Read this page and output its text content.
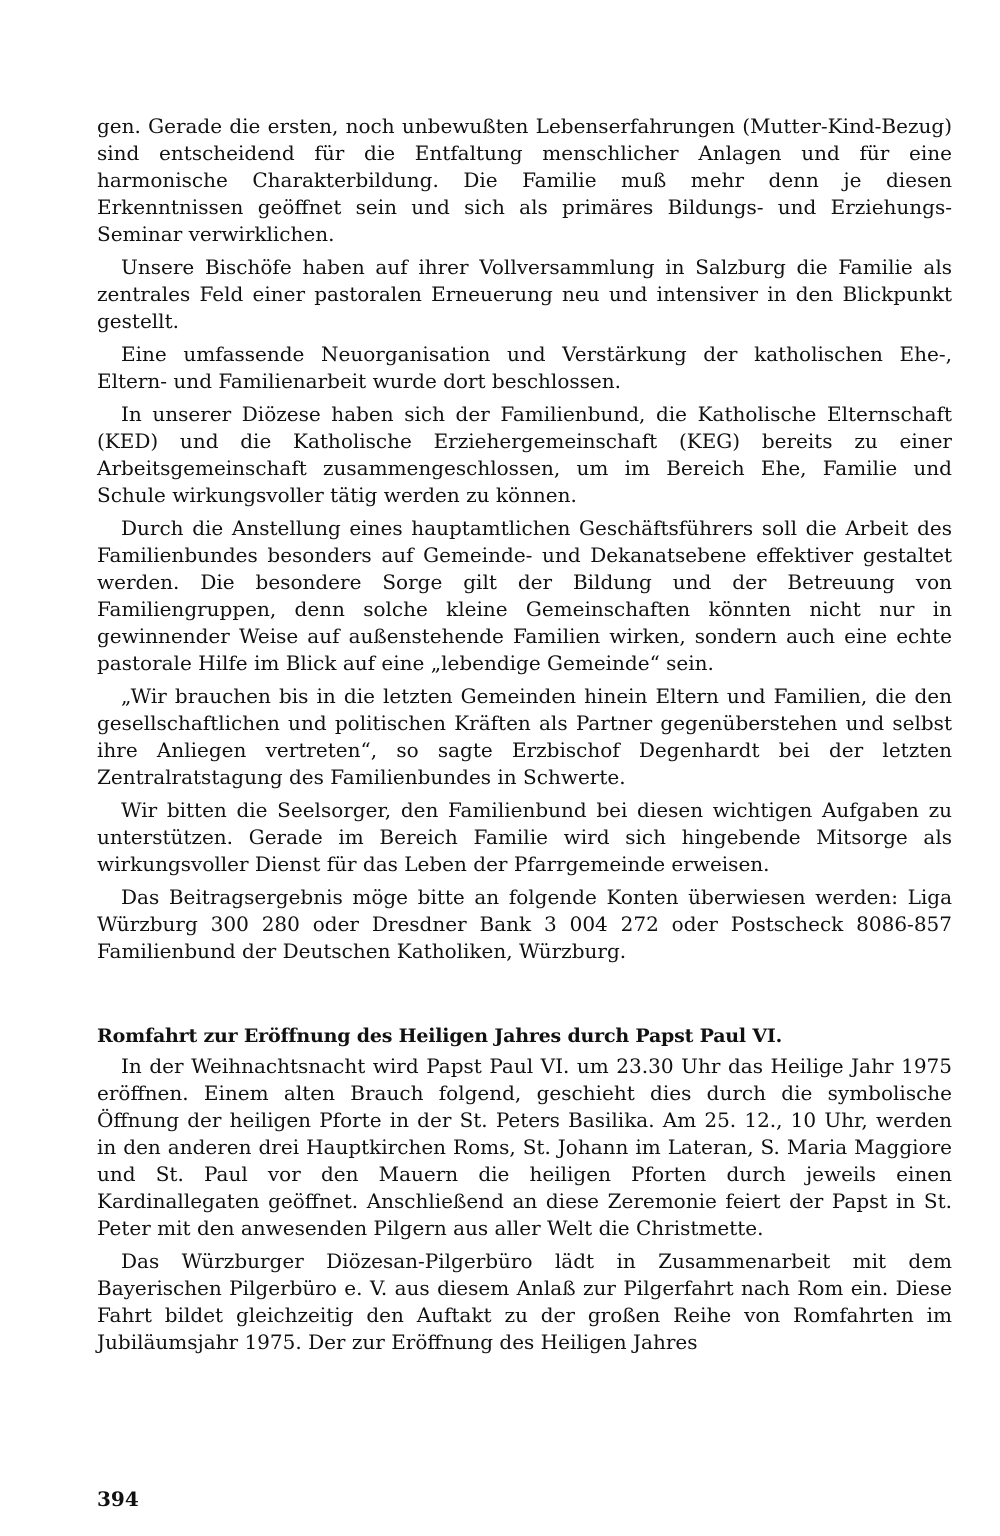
gen. Gerade die ersten, noch unbewußten Lebenserfahrungen (Mutter-Kind-Bezug) sind entscheidend für die Entfaltung menschlicher Anlagen und für eine harmonische Charakterbildung. Die Familie muß mehr denn je diesen Erkenntnissen geöffnet sein und sich als primäres Bildungs- und Erziehungs-Seminar verwirklichen.

Unsere Bischöfe haben auf ihrer Vollversammlung in Salzburg die Familie als zentrales Feld einer pastoralen Erneuerung neu und intensiver in den Blickpunkt gestellt.

Eine umfassende Neuorganisation und Verstärkung der katholischen Ehe-, Eltern- und Familienarbeit wurde dort beschlossen.

In unserer Diözese haben sich der Familienbund, die Katholische Elternschaft (KED) und die Katholische Erziehergemeinschaft (KEG) bereits zu einer Arbeitsgemeinschaft zusammengeschlossen, um im Bereich Ehe, Familie und Schule wirkungsvoller tätig werden zu können.

Durch die Anstellung eines hauptamtlichen Geschäftsführers soll die Arbeit des Familienbundes besonders auf Gemeinde- und Dekanatsebene effektiver gestaltet werden. Die besondere Sorge gilt der Bildung und der Betreuung von Familiengruppen, denn solche kleine Gemeinschaften könnten nicht nur in gewinnender Weise auf außenstehende Familien wirken, sondern auch eine echte pastorale Hilfe im Blick auf eine „lebendige Gemeinde“ sein.

„Wir brauchen bis in die letzten Gemeinden hinein Eltern und Familien, die den gesellschaftlichen und politischen Kräften als Partner gegenüberstehen und selbst ihre Anliegen vertreten“, so sagte Erzbischof Degenhardt bei der letzten Zentralratstagung des Familienbundes in Schwerte.

Wir bitten die Seelsorger, den Familienbund bei diesen wichtigen Aufgaben zu unterstützen. Gerade im Bereich Familie wird sich hingebende Mitsorge als wirkungsvoller Dienst für das Leben der Pfarrgemeinde erweisen.

Das Beitragsergebnis möge bitte an folgende Konten überwiesen werden: Liga Würzburg 300 280 oder Dresdner Bank 3 004 272 oder Postscheck 8086-857 Familienbund der Deutschen Katholiken, Würzburg.

Romfahrt zur Eröffnung des Heiligen Jahres durch Papst Paul VI.

In der Weihnachtsnacht wird Papst Paul VI. um 23.30 Uhr das Heilige Jahr 1975 eröffnen. Einem alten Brauch folgend, geschieht dies durch die symbolische Öffnung der heiligen Pforte in der St. Peters Basilika. Am 25. 12., 10 Uhr, werden in den anderen drei Hauptkirchen Roms, St. Johann im Lateran, S. Maria Maggiore und St. Paul vor den Mauern die heiligen Pforten durch jeweils einen Kardinallegaten geöffnet. Anschließend an diese Zeremonie feiert der Papst in St. Peter mit den anwesenden Pilgern aus aller Welt die Christmette.

Das Würzburger Diözesan-Pilgerbüro lädt in Zusammenarbeit mit dem Bayerischen Pilgerbüro e. V. aus diesem Anlaß zur Pilgerfahrt nach Rom ein. Diese Fahrt bildet gleichzeitig den Auftakt zu der großen Reihe von Romfahrten im Jubiläumsjahr 1975. Der zur Eröffnung des Heiligen Jahres

394
